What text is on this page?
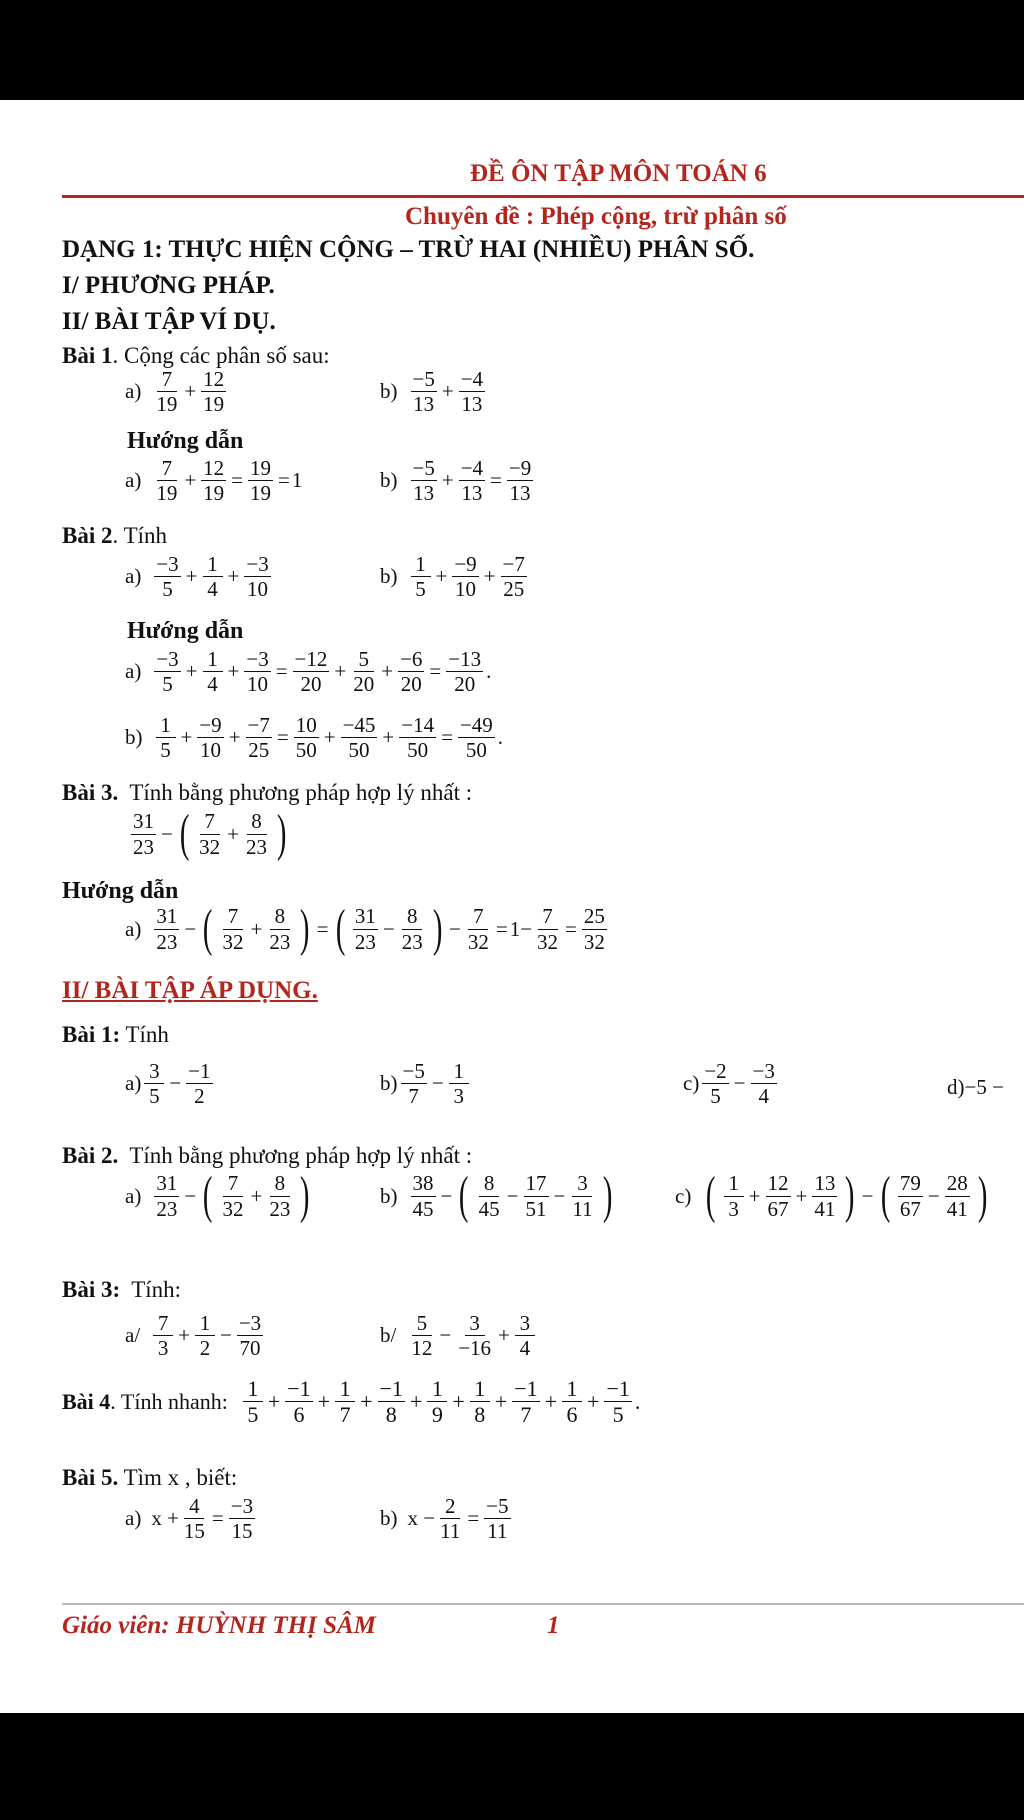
ĐỀ ÔN TẬP MÔN TOÁN 6
Chuyên đề : Phép cộng, trừ phân số
DẠNG 1: THỰC HIỆN CỘNG – TRỪ HAI (NHIỀU) PHÂN SỐ.
I/ PHƯƠNG PHÁP.
II/ BÀI TẬP VÍ DỤ.
Bài 1. Cộng các phân số sau:
a)
7
19
+ $\frac{12}{19}$	b)
−5
13
+ $\frac{-4}{13}$
Hướng dẫn
a)
7
19
+ $\frac{12}{19} = \frac{19}{19} = 1$	b)
−5
13
+ $\frac{-4}{13} = \frac{-9}{13}$
Bài 2. Tính
a)
−3
5
+ $\frac{1}{4} + \frac{-3}{10}$	b)
1
5
+ $\frac{-9}{10} + \frac{-7}{25}$
Hướng dẫn
a)
−3
5
+ $\frac{1}{4} + \frac{-3}{10} = \frac{-12}{20} + \frac{5}{20} + \frac{-6}{20} = \frac{-13}{20}$ .
b)
1
5
+ $\frac{-9}{10} + \frac{-7}{25} = \frac{10}{50} + \frac{-45}{50} + \frac{-14}{50} = \frac{-49}{50}$ .
Bài 3. Tính bằng phương pháp hợp lý nhất :
31
23
− ( 7
32
+ $\frac{8}{23}$ )
Hướng dẫn
a)
31
23
− ( 7
32
+ $\frac{8}{23}$ ) = ( 31
23
− $\frac{8}{23}$ ) − $\frac{7}{32} = 1- \frac{7}{32} = \frac{25}{32}$
II/ BÀI TẬP ÁP DỤNG.
Bài 1: Tính
a)
3
5
− $\frac{-1}{2}$	b)
−5
7
− $\frac{1}{3}$	c)
−2
5
− $\frac{-3}{4}$	d) −5 −
Bài 2. Tính bằng phương pháp hợp lý nhất :
a)
31
23
− ( 7
32
+ $\frac{8}{23}$ )	b)
38
45
− ( 8
45
− $\frac{17}{51} - \frac{3}{11}$ )	c) ( 1
3
+ $\frac{12}{67} + \frac{13}{41}$ ) − ( 79
67
− $\frac{28}{41}$ )
Bài 3: Tính:
a/
7
3
+ $\frac{1}{2} - \frac{-3}{70}$	b/
5
12
− $\frac{3}{-16} + \frac{3}{4}$
Bài 4. Tính nhanh:
1
5
+ $\frac{-1}{6} + \frac{1}{7} + \frac{-1}{8} + \frac{1}{9} + \frac{1}{8} + \frac{-1}{7} + \frac{1}{6} + \frac{-1}{5}$ .
Bài 5. Tìm x , biết:
a) $x + \frac{4}{15} = \frac{-3}{15}$	b) $x - \frac{2}{11} = \frac{-5}{11}$
Giáo viên: HUỲNH THỊ SÂM	1
